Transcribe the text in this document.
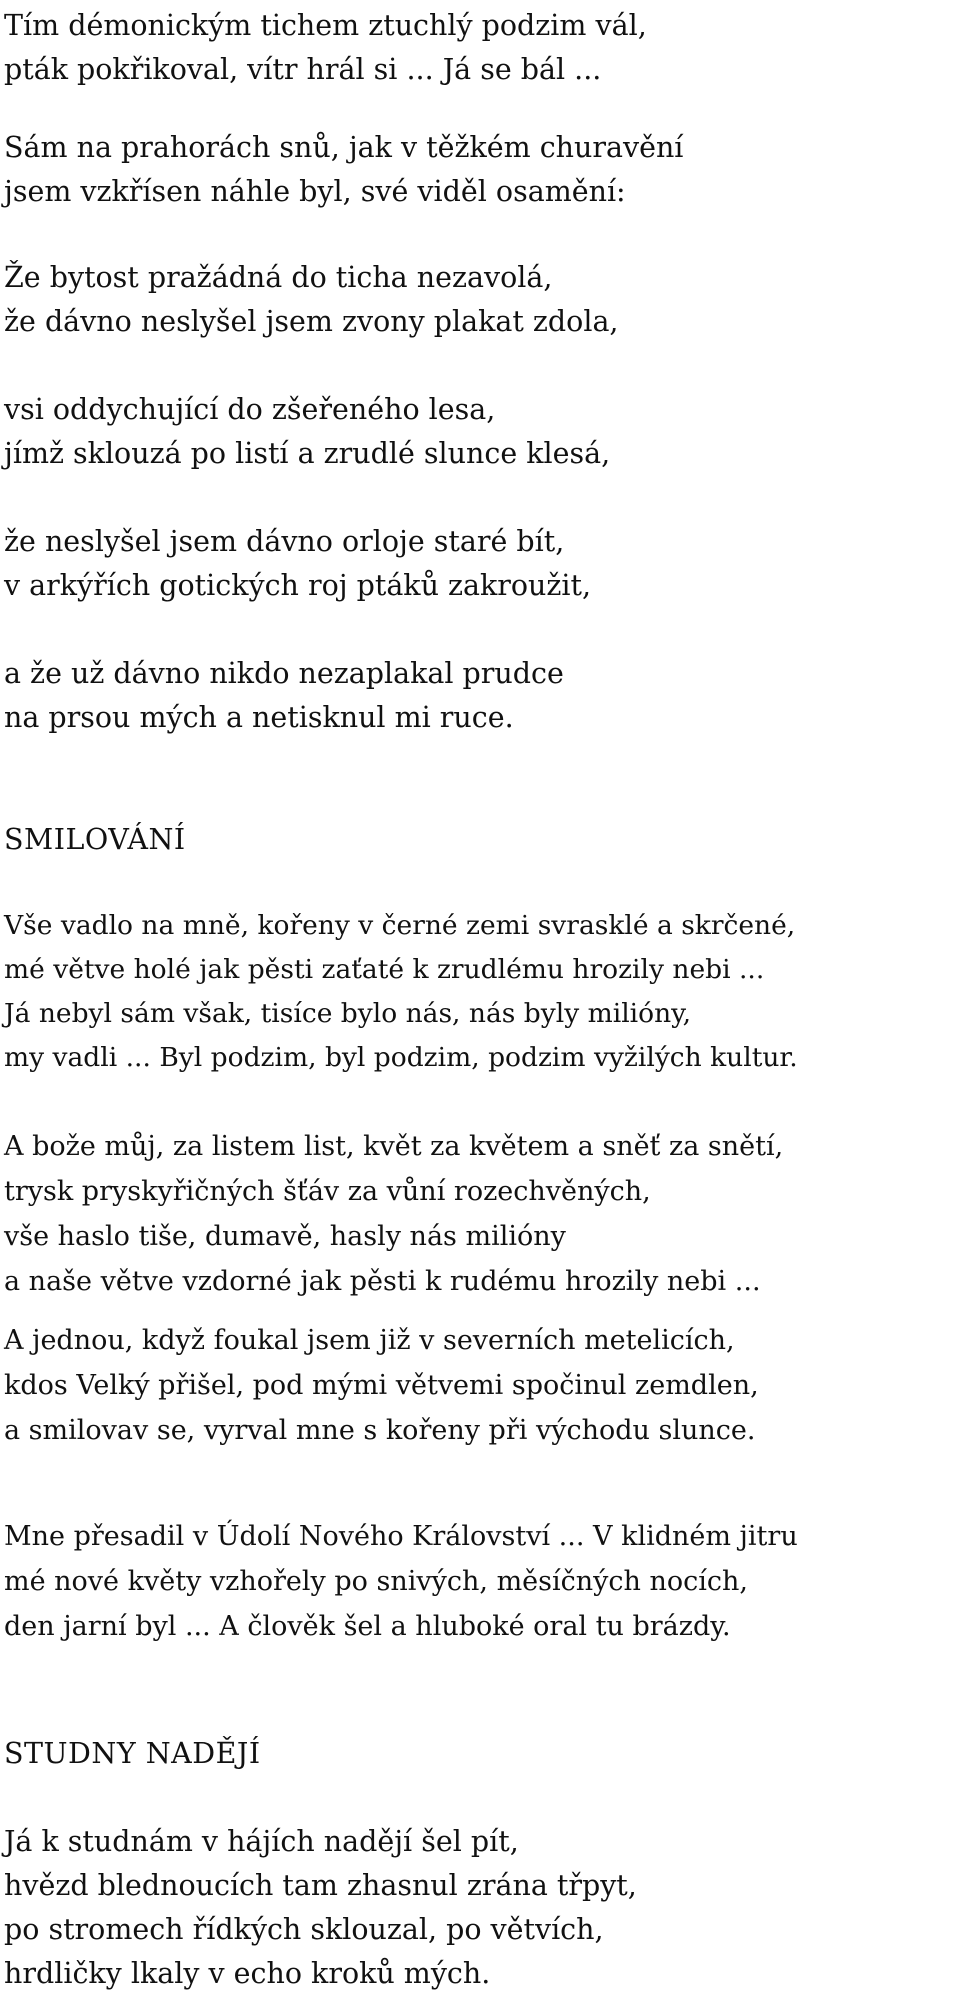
Tím démonickým tichem ztuchlý podzim vál,
pták pokřikoval, vítr hrál si ... Já se bál ...
Sám na prahorách snů, jak v těžkém churavění
jsem vzkřísen náhle byl, své viděl osamění:
Že bytost pražádná do ticha nezavolá,
že dávno neslyšel jsem zvony plakat zdola,
vsi oddychující do zšeřeného lesa,
jímž sklouzá po listí a zrudlé slunce klesá,
že neslyšel jsem dávno orloje staré bít,
v arkýřích gotických roj ptáků zakroužit,
a že už dávno nikdo nezaplakal prudce
na prsou mých a netisknul mi ruce.
SMILOVÁNÍ
Vše vadlo na mně, kořeny v černé zemi svrasklé a skrčené,
mé větve holé jak pěsti zaťaté k zrudlému hrozily nebi ...
Já nebyl sám však, tisíce bylo nás, nás byly milióny,
my vadli ... Byl podzim, byl podzim, podzim vyžilých kultur.
A bože můj, za listem list, květ za květem a sněť za snětí,
trysk pryskyřičných šťáv za vůní rozechvěných,
vše haslo tiše, dumavě, hasly nás milióny
a naše větve vzdorné jak pěsti k rudému hrozily nebi ...
A jednou, když foukal jsem již v severních metelicích,
kdos Velký přišel, pod mými větvemi spočinul zemdlen,
a smilovav se, vyrval mne s kořeny při východu slunce.
Mne přesadil v Údolí Nového Království ... V klidném jitru
mé nové květy vzhořely po snivých, měsíčných nocích,
den jarní byl ... A člověk šel a hluboké oral tu brázdy.
STUDNY NADĚJÍ
Já k studnám v hájích nadějí šel pít,
hvězd blednoucích tam zhasnul zrána třpyt,
po stromech řídkých sklouzal, po větvích,
hrdličky lkaly v echo kroků mých.
